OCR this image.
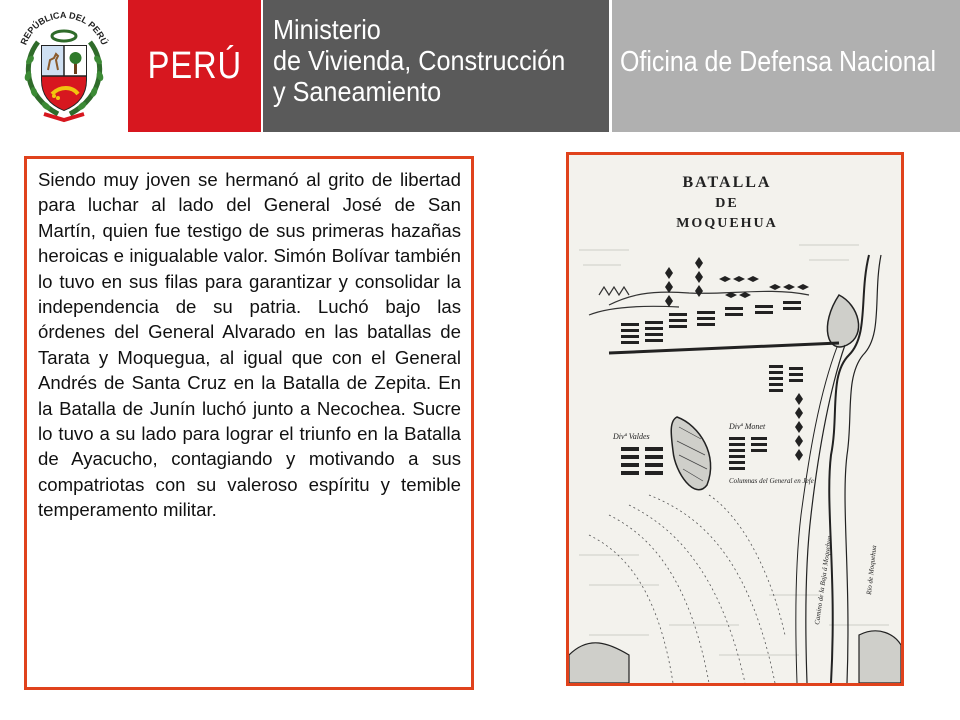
REPÚBLICA DEL PERÚ
PERÚ
Ministerio
de Vivienda, Construcción
y Saneamiento
Oficina de Defensa Nacional

Siendo muy joven se hermanó al grito de libertad para luchar al lado del General José de San Martín, quien fue testigo de sus primeras hazañas heroicas e inigualable valor. Simón Bolívar también lo tuvo en sus filas para garantizar y consolidar la independencia de su patria. Luchó bajo las órdenes del General Alvarado en las batallas de Tarata y Moquegua, al igual que con el General Andrés de Santa Cruz en la Batalla de Zepita. En la Batalla de Junín luchó junto a Necochea. Sucre lo tuvo a su lado para lograr el triunfo en la Batalla de Ayacucho, contagiando y motivando a sus compatriotas con su valeroso espíritu y temible temperamento militar.

BATALLA
DE
MOQUEHUA
Divª Valdes
Divª Monet
Columnas del General en Jefe
Camino de la Baja á Moquehua	Rio de Moquehua
